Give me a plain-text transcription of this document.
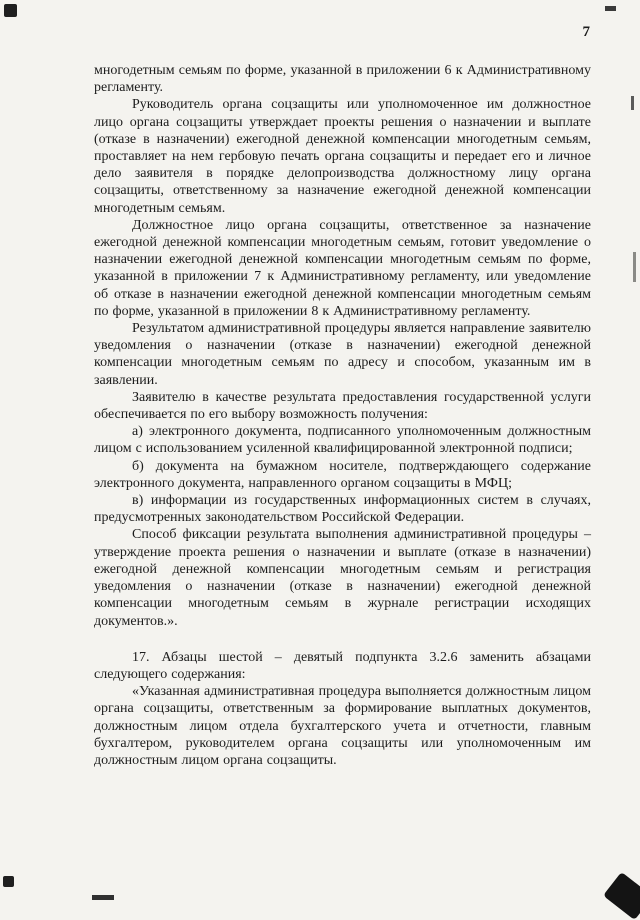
7

многодетным семьям по форме, указанной в приложении 6 к Административному регламенту.

Руководитель органа соцзащиты или уполномоченное им должностное лицо органа соцзащиты утверждает проекты решения о назначении и выплате (отказе в назначении) ежегодной денежной компенсации многодетным семьям, проставляет на нем гербовую печать органа соцзащиты и передает его и личное дело заявителя в порядке делопроизводства должностному лицу органа соцзащиты, ответственному за назначение ежегодной денежной компенсации многодетным семьям.

Должностное лицо органа соцзащиты, ответственное за назначение ежегодной денежной компенсации многодетным семьям, готовит уведомление о назначении ежегодной денежной компенсации многодетным семьям по форме, указанной в приложении 7 к Административному регламенту, или уведомление об отказе в назначении ежегодной денежной компенсации многодетным семьям по форме, указанной в приложении 8 к Административному регламенту.

Результатом административной процедуры является направление заявителю уведомления о назначении (отказе в назначении) ежегодной денежной компенсации многодетным семьям по адресу и способом, указанным им в заявлении.

Заявителю в качестве результата предоставления государственной услуги обеспечивается по его выбору возможность получения:

а) электронного документа, подписанного уполномоченным должностным лицом с использованием усиленной квалифицированной электронной подписи;

б) документа на бумажном носителе, подтверждающего содержание электронного документа, направленного органом соцзащиты в МФЦ;

в) информации из государственных информационных систем в случаях, предусмотренных законодательством Российской Федерации.

Способ фиксации результата выполнения административной процедуры – утверждение проекта решения о назначении и выплате (отказе в назначении) ежегодной денежной компенсации многодетным семьям и регистрация уведомления о назначении (отказе в назначении) ежегодной денежной компенсации многодетным семьям в журнале регистрации исходящих документов.».

17. Абзацы шестой – девятый подпункта 3.2.6 заменить абзацами следующего содержания:

«Указанная административная процедура выполняется должностным лицом органа соцзащиты, ответственным за формирование выплатных документов, должностным лицом отдела бухгалтерского учета и отчетности, главным бухгалтером, руководителем органа соцзащиты или уполномоченным им должностным лицом органа соцзащиты.
